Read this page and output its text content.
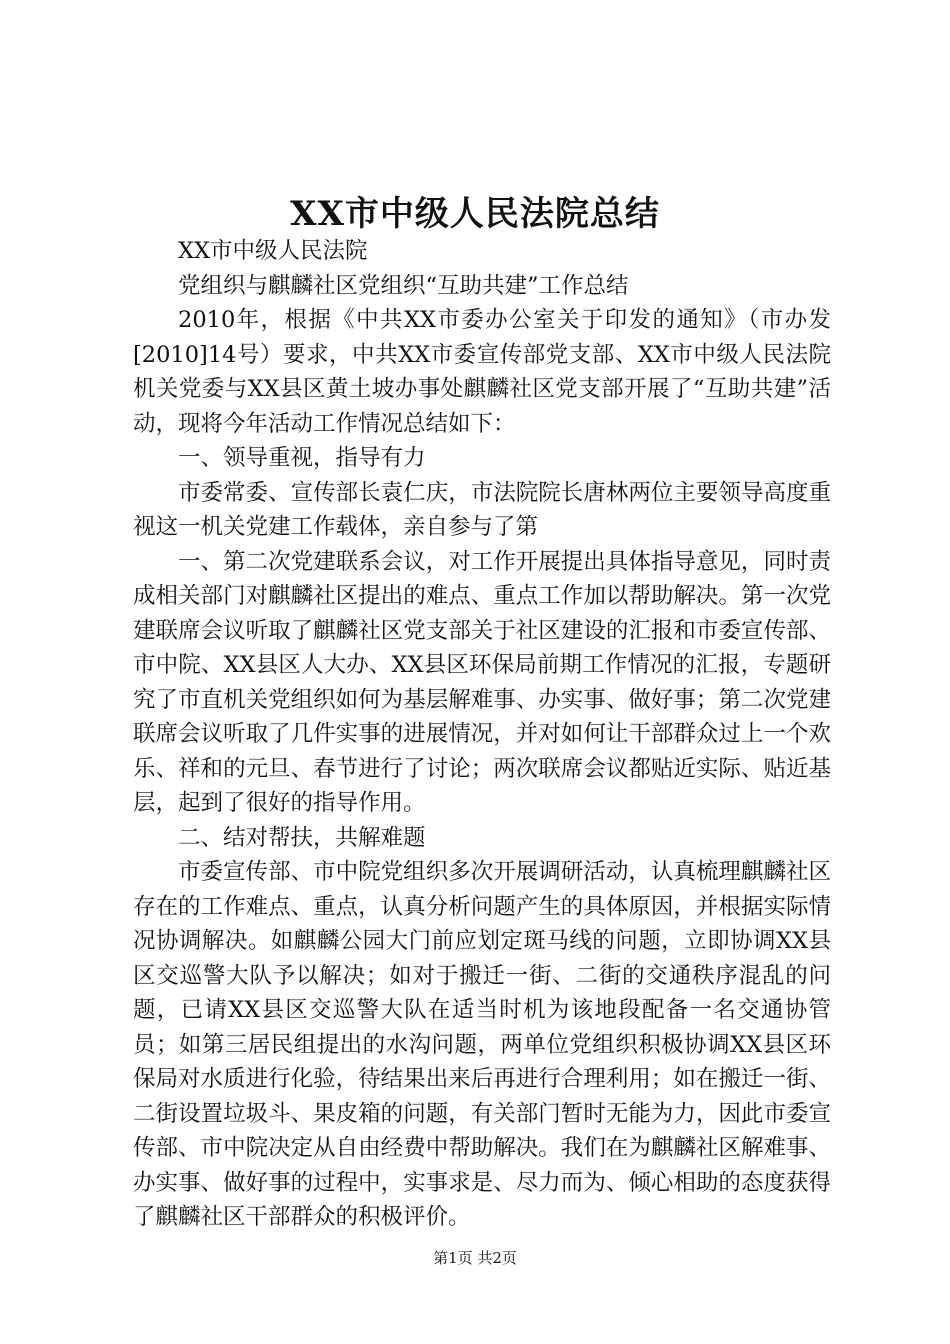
XX市中级人民法院总结

XX市中级人民法院

党组织与麒麟社区党组织“互助共建”工作总结

2010年，根据《中共XX市委办公室关于印发的通知》（市办发[2010]14号）要求，中共XX市委宣传部党支部、XX市中级人民法院机关党委与XX县区黄土坡办事处麒麟社区党支部开展了“互助共建”活动，现将今年活动工作情况总结如下：

一、领导重视，指导有力

市委常委、宣传部长袁仁庆，市法院院长唐林两位主要领导高度重视这一机关党建工作载体，亲自参与了第

一、第二次党建联系会议，对工作开展提出具体指导意见，同时责成相关部门对麒麟社区提出的难点、重点工作加以帮助解决。第一次党建联席会议听取了麒麟社区党支部关于社区建设的汇报和市委宣传部、市中院、XX县区人大办、XX县区环保局前期工作情况的汇报，专题研究了市直机关党组织如何为基层解难事、办实事、做好事；第二次党建联席会议听取了几件实事的进展情况，并对如何让干部群众过上一个欢乐、祥和的元旦、春节进行了讨论；两次联席会议都贴近实际、贴近基层，起到了很好的指导作用。

二、结对帮扶，共解难题

市委宣传部、市中院党组织多次开展调研活动，认真梳理麒麟社区存在的工作难点、重点，认真分析问题产生的具体原因，并根据实际情况协调解决。如麒麟公园大门前应划定斑马线的问题，立即协调XX县区交巡警大队予以解决；如对于搬迁一街、二街的交通秩序混乱的问题，已请XX县区交巡警大队在适当时机为该地段配备一名交通协管员；如第三居民组提出的水沟问题，两单位党组织积极协调XX县区环保局对水质进行化验，待结果出来后再进行合理利用；如在搬迁一街、二街设置垃圾斗、果皮箱的问题，有关部门暂时无能为力，因此市委宣传部、市中院决定从自由经费中帮助解决。我们在为麒麟社区解难事、办实事、做好事的过程中，实事求是、尽力而为、倾心相助的态度获得了麒麟社区干部群众的积极评价。

第1页 共2页
